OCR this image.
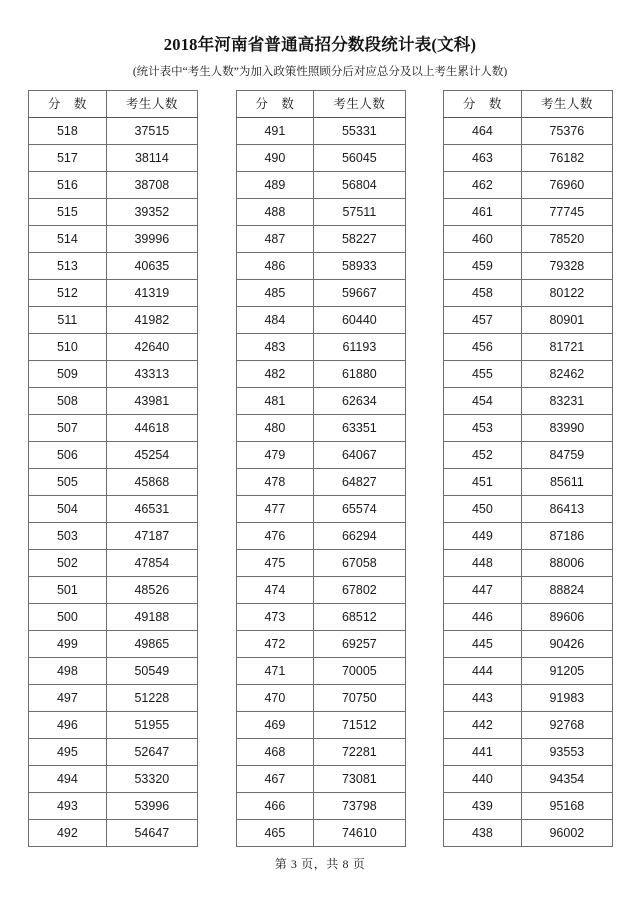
2018年河南省普通高招分数段统计表(文科)
(统计表中“考生人数”为加入政策性照顾分后对应总分及以上考生累计人数)
分　数	考生人数
518	37515
517	38114
516	38708
515	39352
514	39996
513	40635
512	41319
511	41982
510	42640
509	43313
508	43981
507	44618
506	45254
505	45868
504	46531
503	47187
502	47854
501	48526
500	49188
499	49865
498	50549
497	51228
496	51955
495	52647
494	53320
493	53996
492	54647
分　数	考生人数
491	55331
490	56045
489	56804
488	57511
487	58227
486	58933
485	59667
484	60440
483	61193
482	61880
481	62634
480	63351
479	64067
478	64827
477	65574
476	66294
475	67058
474	67802
473	68512
472	69257
471	70005
470	70750
469	71512
468	72281
467	73081
466	73798
465	74610
分　数	考生人数
464	75376
463	76182
462	76960
461	77745
460	78520
459	79328
458	80122
457	80901
456	81721
455	82462
454	83231
453	83990
452	84759
451	85611
450	86413
449	87186
448	88006
447	88824
446	89606
445	90426
444	91205
443	91983
442	92768
441	93553
440	94354
439	95168
438	96002
第 3 页，共 8 页
